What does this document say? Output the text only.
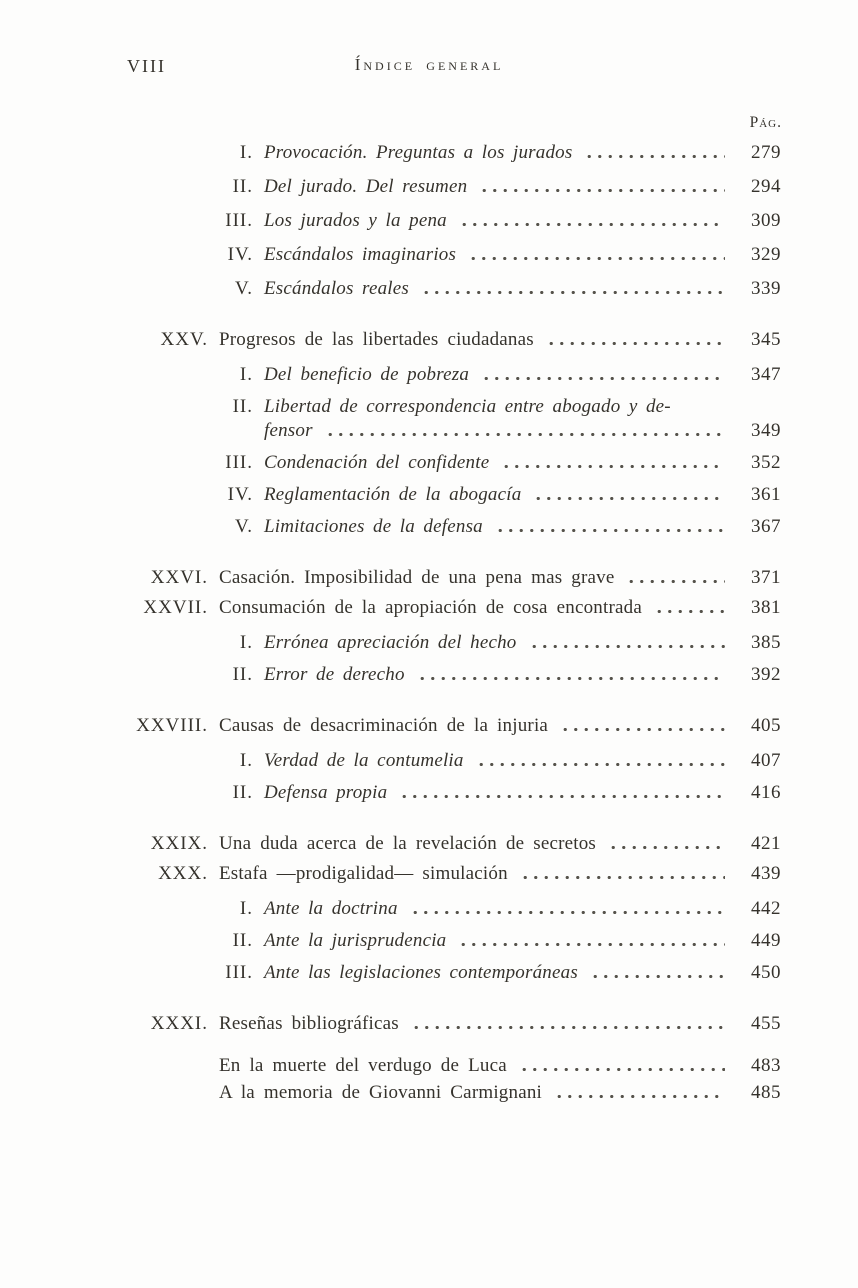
VIII	Índice general
Pág.
I. Provocación. Preguntas a los jurados	279
II. Del jurado. Del resumen	294
III. Los jurados y la pena	309
IV. Escándalos imaginarios	329
V. Escándalos reales	339
XXV. Progresos de las libertades ciudadanas	345
I. Del beneficio de pobreza	347
II. Libertad de correspondencia entre abogado y de-
fensor	349
III. Condenación del confidente	352
IV. Reglamentación de la abogacía	361
V. Limitaciones de la defensa	367
XXVI. Casación. Imposibilidad de una pena mas grave	371
XXVII. Consumación de la apropiación de cosa encontrada	381
I. Errónea apreciación del hecho	385
II. Error de derecho	392
XXVIII. Causas de desacriminación de la injuria	405
I. Verdad de la contumelia	407
II. Defensa propia	416
XXIX. Una duda acerca de la revelación de secretos	421
XXX. Estafa —prodigalidad— simulación	439
I. Ante la doctrina	442
II. Ante la jurisprudencia	449
III. Ante las legislaciones contemporáneas	450
XXXI. Reseñas bibliográficas	455
En la muerte del verdugo de Luca	483
A la memoria de Giovanni Carmignani	485
